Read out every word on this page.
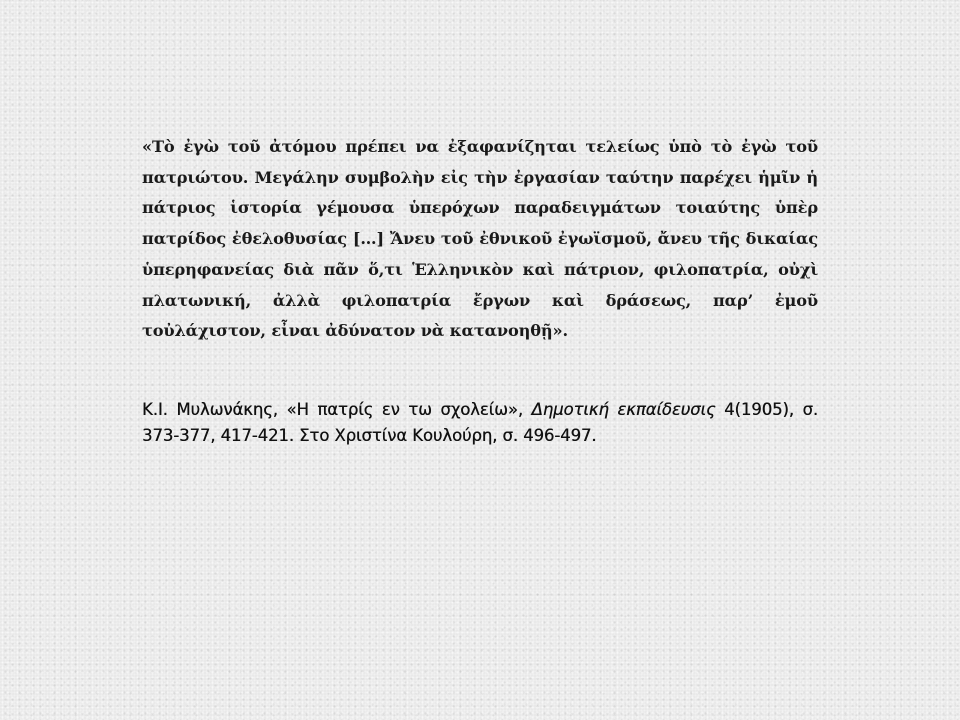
«Τὸ ἐγὼ τοῦ ἀτόμου πρέπει να ἐξαφανίζηται τελείως ὑπὸ τὸ ἐγὼ τοῦ πατριώτου. Μεγάλην συμβολὴν εἰς τὴν ἐργασίαν ταύτην παρέχει ἡμῖν ἡ πάτριος ἱστορία γέμουσα ὑπερόχων παραδειγμάτων τοιαύτης ὑπὲρ πατρίδος ἐθελοθυσίας […] Ἄνευ τοῦ ἐθνικοῦ ἐγωϊσμοῦ, ἄνευ τῆς δικαίας ὑπερηφανείας διὰ πᾶν ὅ,τι Ἑλληνικὸν καὶ πάτριον, φιλοπατρία, οὐχὶ πλατωνική, ἀλλὰ φιλοπατρία ἔργων καὶ δράσεως, παρ’ ἐμοῦ τοὐλάχιστον, εἶναι ἀδύνατον νὰ κατανοηθῇ».

Κ.Ι. Μυλωνάκης, «Η πατρίς εν τω σχολείω», Δημοτική εκπαίδευσις 4(1905), σ. 373-377, 417-421. Στο Χριστίνα Κουλούρη, σ. 496-497.
